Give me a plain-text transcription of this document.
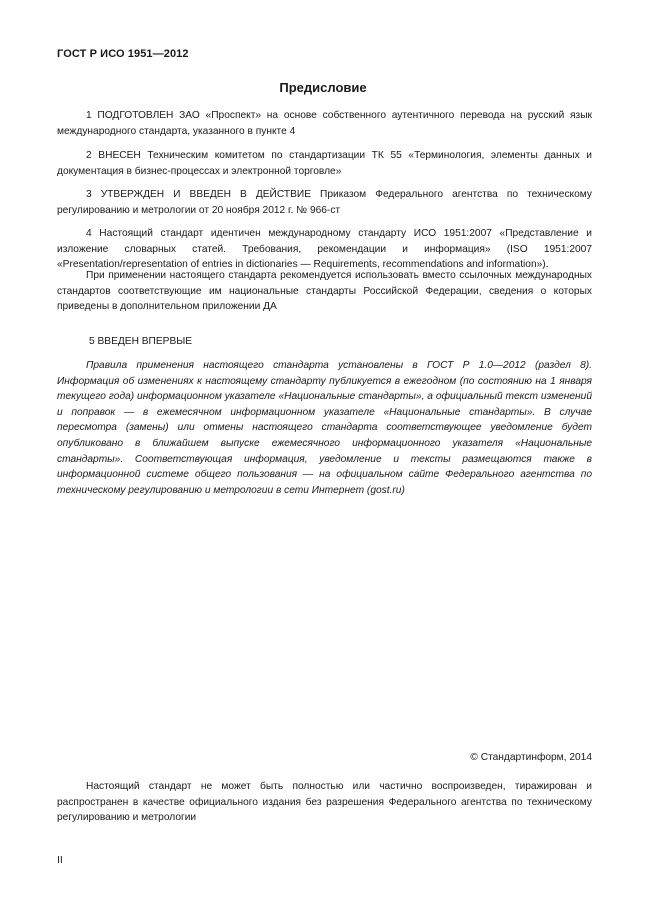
ГОСТ Р ИСО 1951—2012
Предисловие

1 ПОДГОТОВЛЕН ЗАО «Проспект» на основе собственного аутентичного перевода на русский язык международного стандарта, указанного в пункте 4

2 ВНЕСЕН Техническим комитетом по стандартизации ТК 55 «Терминология, элементы данных и документация в бизнес-процессах и электронной торговле»

3 УТВЕРЖДЕН И ВВЕДЕН В ДЕЙСТВИЕ Приказом Федерального агентства по техническому регулированию и метрологии от 20 ноября 2012 г. № 966-ст

4 Настоящий стандарт идентичен международному стандарту ИСО 1951:2007 «Представление и изложение словарных статей. Требования, рекомендации и информация» (ISO 1951:2007 «Presentation/representation of entries in dictionaries — Requirements, recommendations and information»).

При применении настоящего стандарта рекомендуется использовать вместо ссылочных международных стандартов соответствующие им национальные стандарты Российской Федерации, сведения о которых приведены в дополнительном приложении ДА

5 ВВЕДЕН ВПЕРВЫЕ

Правила применения настоящего стандарта установлены в ГОСТ Р 1.0—2012 (раздел 8). Информация об изменениях к настоящему стандарту публикуется в ежегодном (по состоянию на 1 января текущего года) информационном указателе «Национальные стандарты», а официальный текст изменений и поправок — в ежемесячном информационном указателе «Национальные стандарты». В случае пересмотра (замены) или отмены настоящего стандарта соответствующее уведомление будет опубликовано в ближайшем выпуске ежемесячного информационного указателя «Национальные стандарты». Соответствующая информация, уведомление и тексты размещаются также в информационной системе общего пользования — на официальном сайте Федерального агентства по техническому регулированию и метрологии в сети Интернет (gost.ru)

© Стандартинформ, 2014

Настоящий стандарт не может быть полностью или частично воспроизведен, тиражирован и распространен в качестве официального издания без разрешения Федерального агентства по техническому регулированию и метрологии

II
